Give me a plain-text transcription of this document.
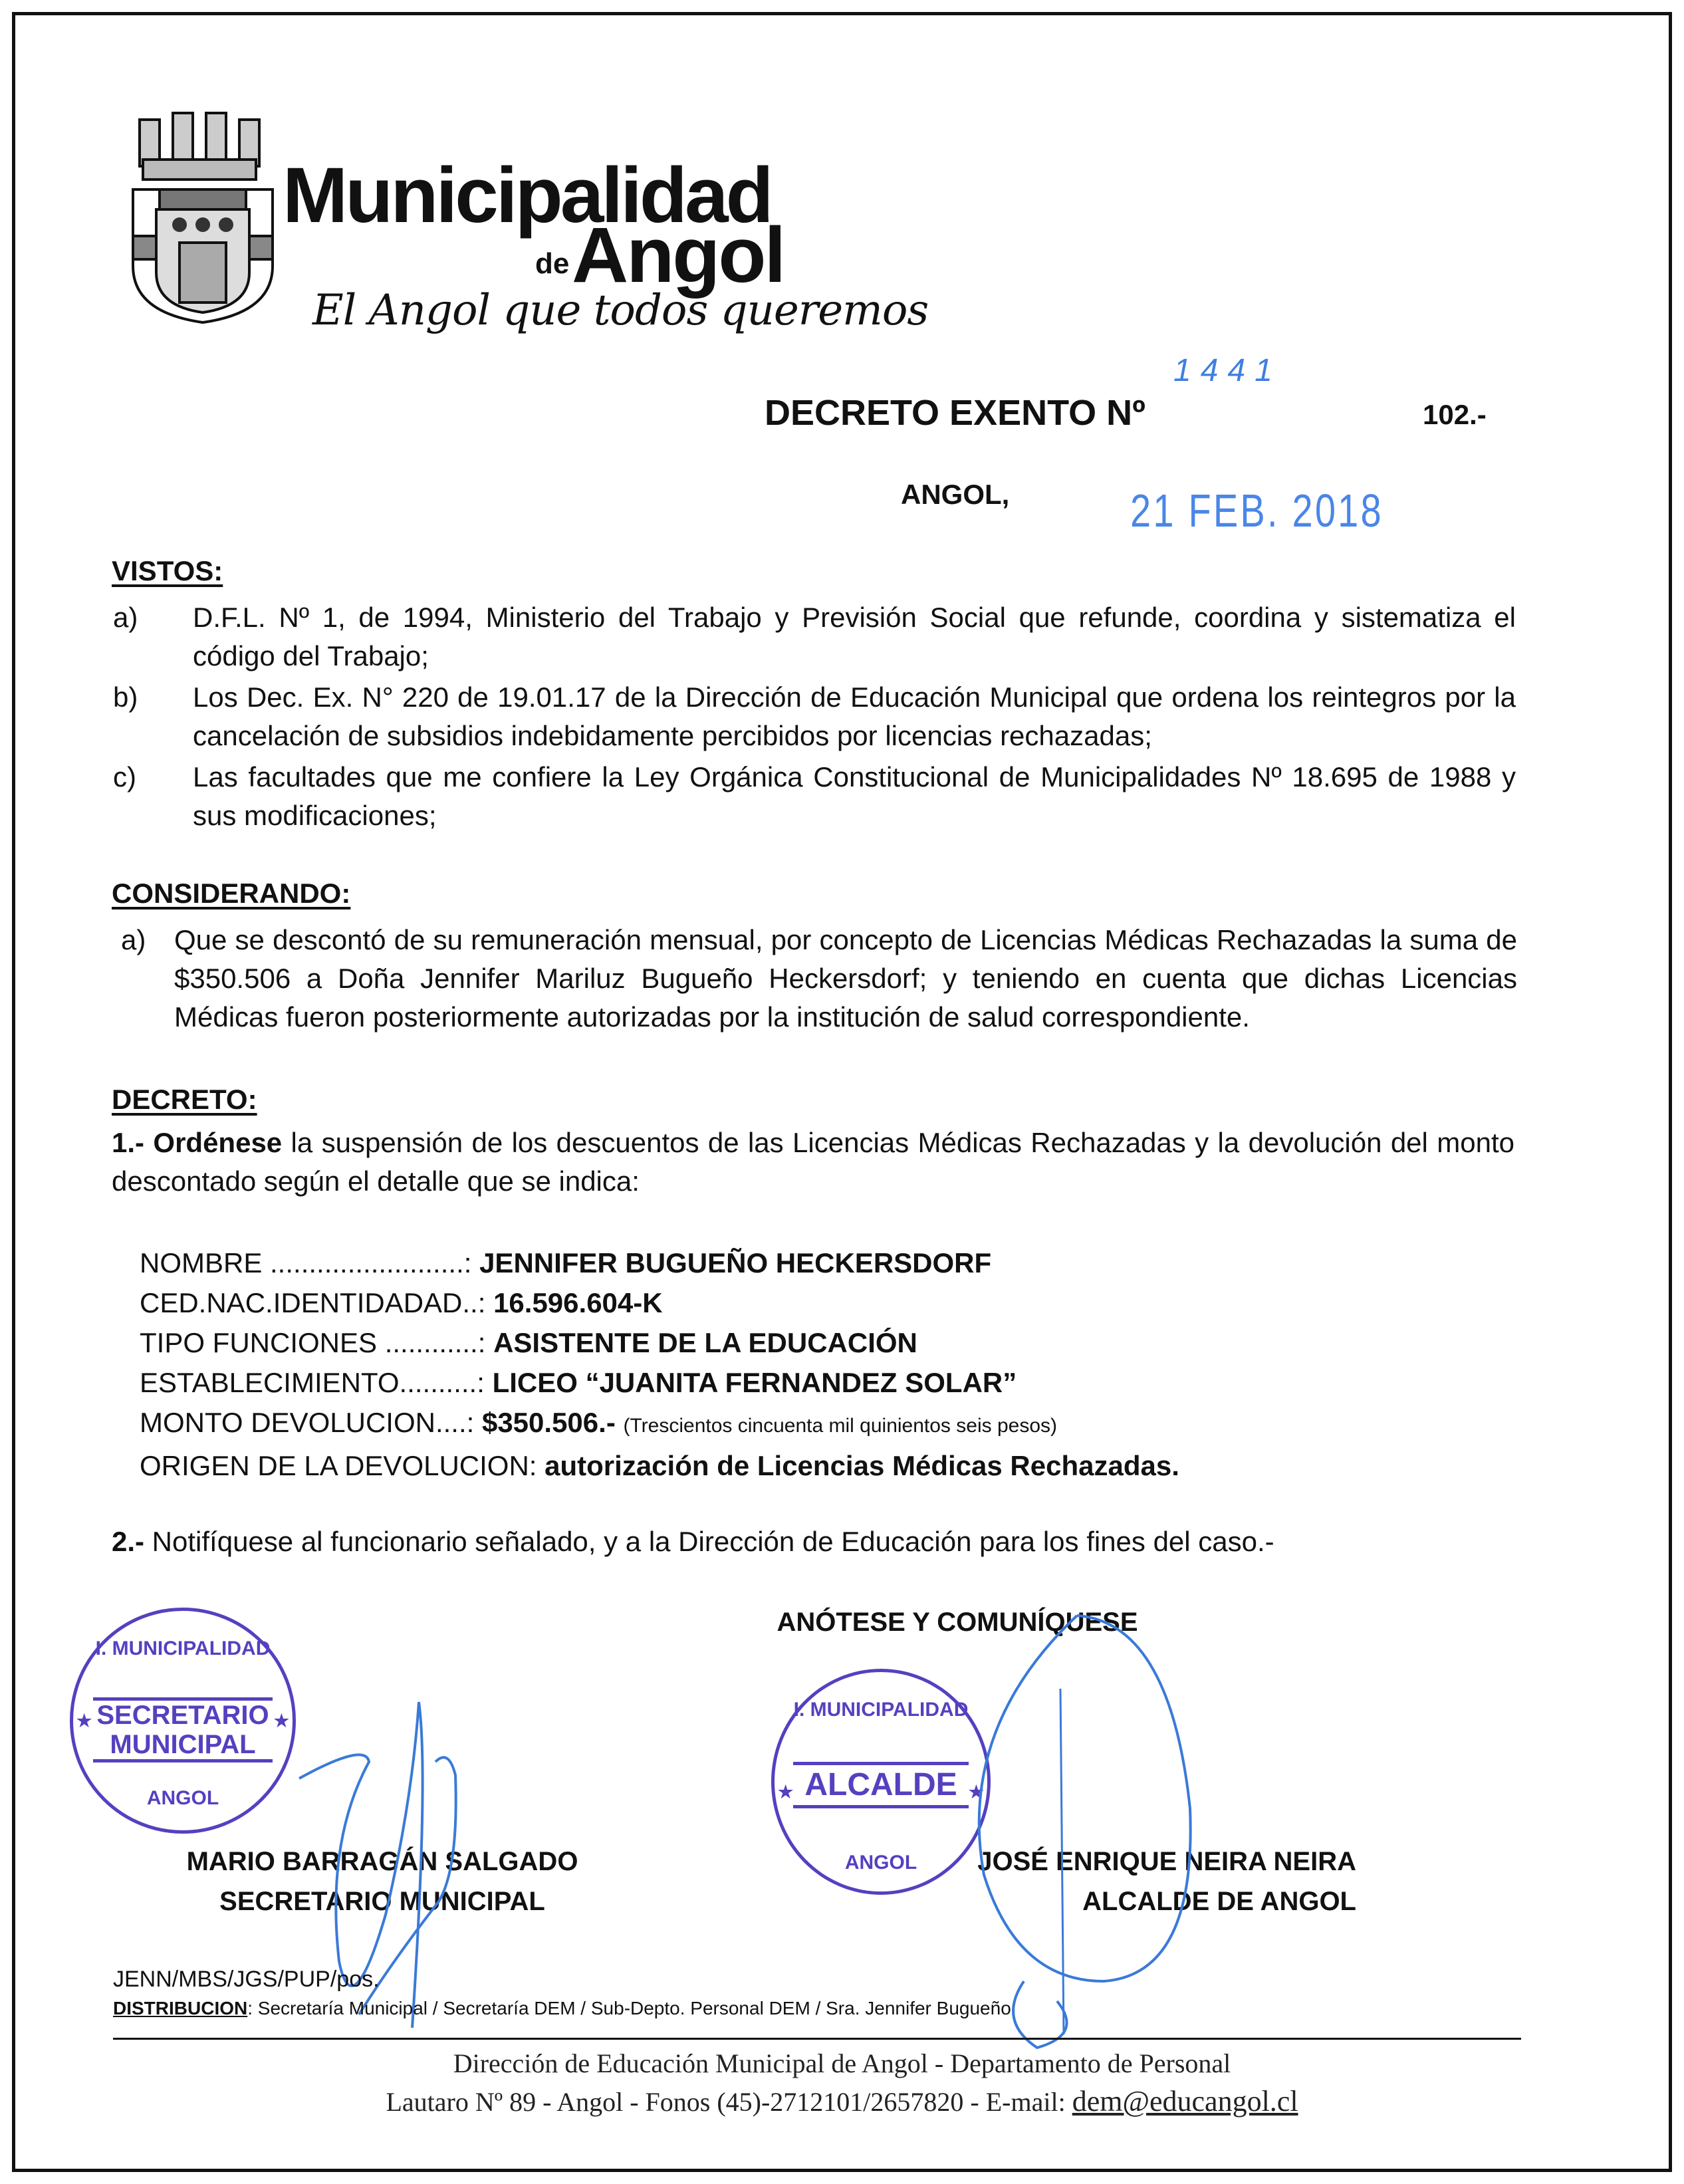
Municipalidad
de Angol
El Angol que todos queremos
DECRETO EXENTO Nº
1441
102.-
ANGOL,	21 FEB. 2018
VISTOS:
a) D.F.L. Nº 1, de 1994, Ministerio del Trabajo y Previsión Social que refunde, coordina y sistematiza el código del Trabajo;
b) Los Dec. Ex. N° 220 de 19.01.17 de la Dirección de Educación Municipal que ordena los reintegros por la cancelación de subsidios indebidamente percibidos por licencias rechazadas;
c) Las facultades que me confiere la Ley Orgánica Constitucional de Municipalidades Nº 18.695 de 1988 y sus modificaciones;
CONSIDERANDO:
a) Que se descontó de su remuneración mensual, por concepto de Licencias Médicas Rechazadas la suma de $350.506 a Doña Jennifer Mariluz Bugueño Heckersdorf; y teniendo en cuenta que dichas Licencias Médicas fueron posteriormente autorizadas por la institución de salud correspondiente.
DECRETO:
1.- Ordénese la suspensión de los descuentos de las Licencias Médicas Rechazadas y la devolución del monto descontado según el detalle que se indica:
NOMBRE .........................: JENNIFER BUGUEÑO HECKERSDORF
CED.NAC.IDENTIDADAD..: 16.596.604-K
TIPO FUNCIONES ............: ASISTENTE DE LA EDUCACIÓN
ESTABLECIMIENTO..........: LICEO “JUANITA FERNANDEZ SOLAR”
MONTO DEVOLUCION....: $350.506.- (Trescientos cincuenta mil quinientos seis pesos)
ORIGEN DE LA DEVOLUCION: autorización de Licencias Médicas Rechazadas.
2.- Notifíquese al funcionario señalado, y a la Dirección de Educación para los fines del caso.-
ANÓTESE Y COMUNÍQUESE
I. MUNICIPALIDAD
SECRETARIO MUNICIPAL
ANGOL
★	★	I. MUNICIPALIDAD
ALCALDE
ANGOL
★	★
MARIO BARRAGÁN SALGADO
SECRETARIO MUNICIPAL
JOSÉ ENRIQUE NEIRA NEIRA
ALCALDE DE ANGOL
JENN/MBS/JGS/PUP/pos.
DISTRIBUCION: Secretaría Municipal / Secretaría DEM / Sub-Depto. Personal DEM / Sra. Jennifer Bugueño
Dirección de Educación Municipal de Angol - Departamento de Personal
Lautaro Nº 89 - Angol - Fonos (45)-2712101/2657820 - E-mail: dem@educangol.cl
